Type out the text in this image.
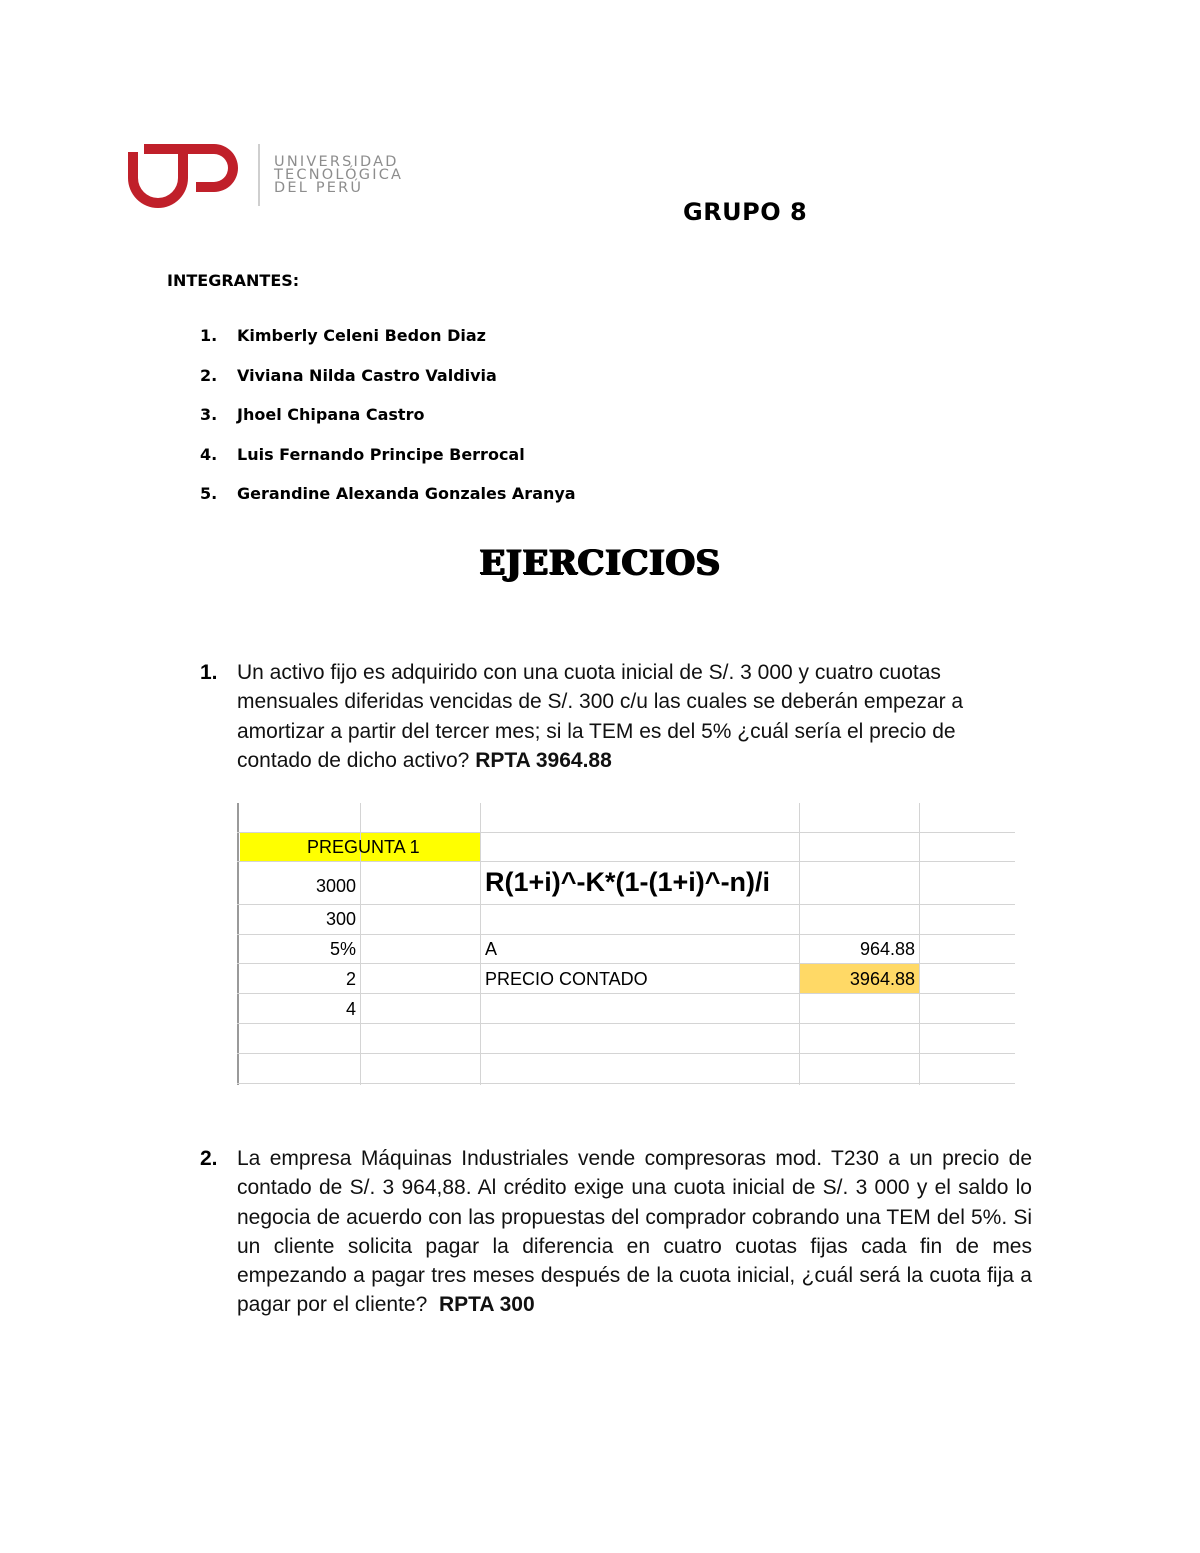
UNIVERSIDAD
TECNOLÓGICA
DEL PERÚ
GRUPO 8
INTEGRANTES:
1. Kimberly Celeni Bedon Diaz
2. Viviana Nilda Castro Valdivia
3. Jhoel Chipana Castro
4. Luis Fernando Principe Berrocal
5. Gerandine Alexanda Gonzales Aranya
EJERCICIOS
1. Un activo fijo es adquirido con una cuota inicial de S/. 3 000 y cuatro cuotas mensuales diferidas vencidas de S/. 300 c/u las cuales se deberán empezar a amortizar a partir del tercer mes; si la TEM es del 5% ¿cuál sería el precio de contado de dicho activo? RPTA 3964.88
PREGUNTA 1
R(1+i)^-K*(1-(1+i)^-n)/i
3000
300
5%
2
4
A
PRECIO CONTADO
964.88
3964.88
2. La empresa Máquinas Industriales vende compresoras mod. T230 a un precio de contado de S/. 3 964,88. Al crédito exige una cuota inicial de S/. 3 000 y el saldo lo negocia de acuerdo con las propuestas del comprador cobrando una TEM del 5%. Si un cliente solicita pagar la diferencia en cuatro cuotas fijas cada fin de mes empezando a pagar tres meses después de la cuota inicial, ¿cuál será la cuota fija a pagar por el cliente? RPTA 300
